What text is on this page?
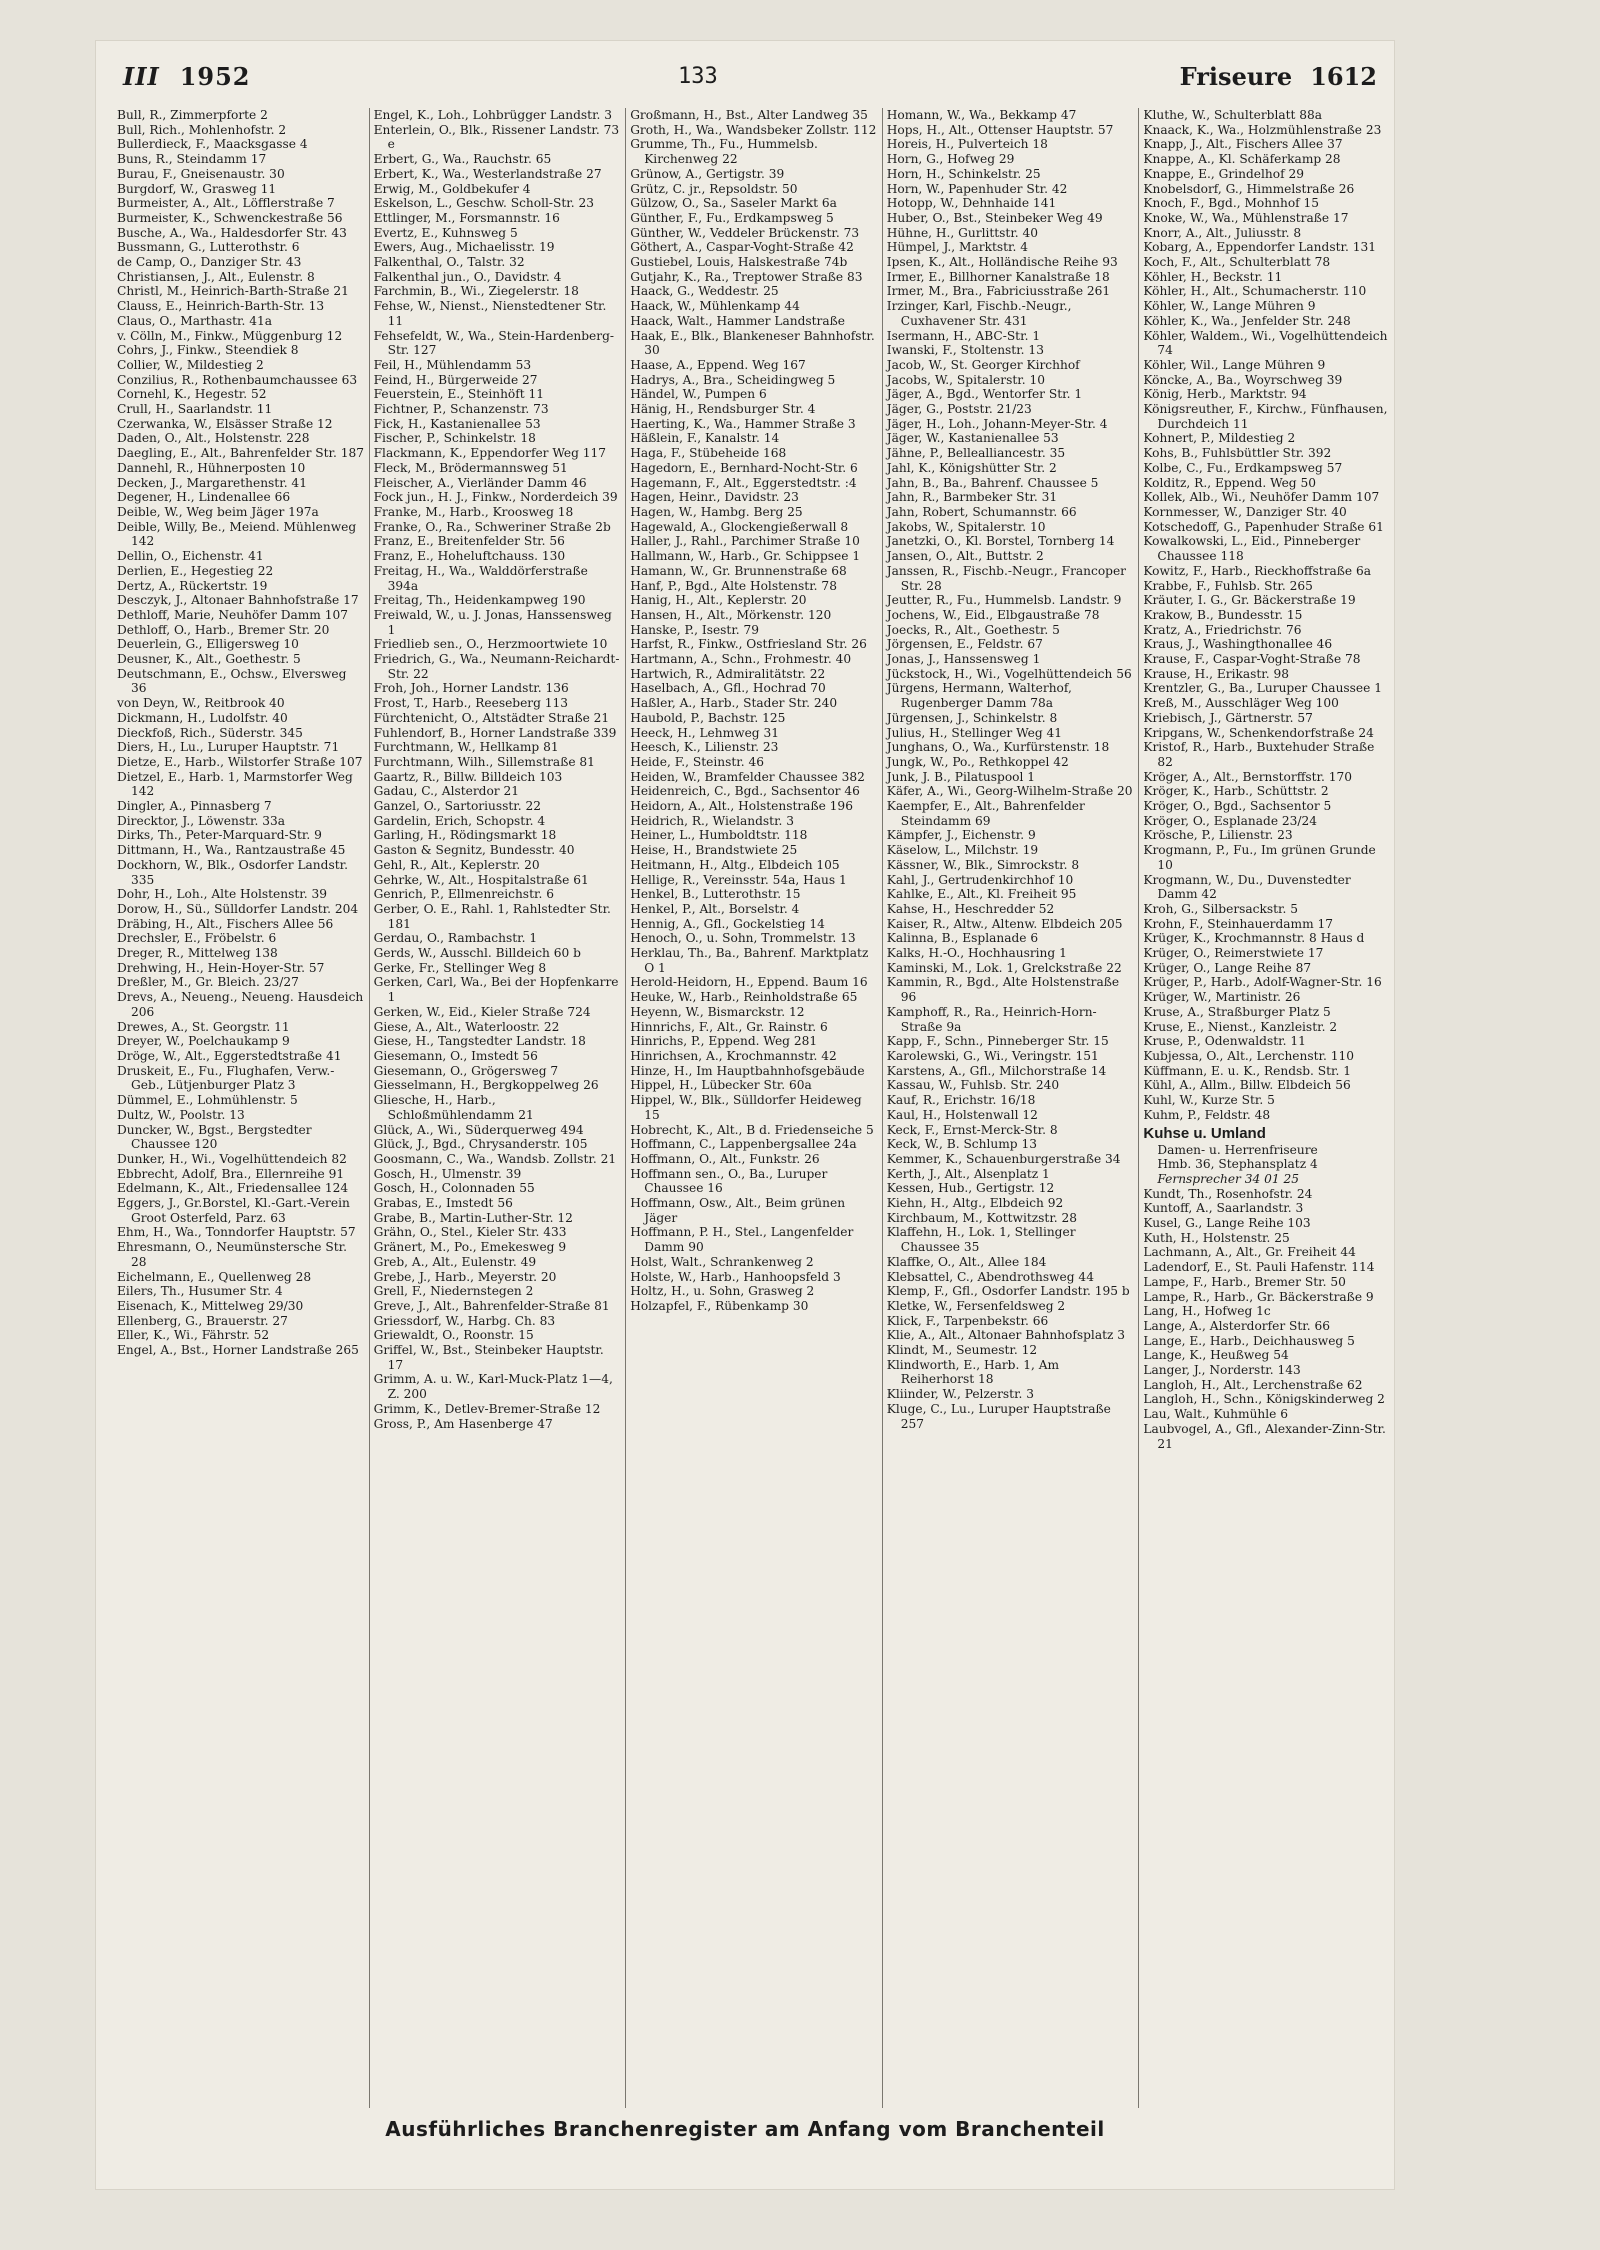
III 1952	133	Friseure 1612

Bull, R., Zimmerpforte 2

Bull, Rich., Mohlenhofstr. 2

Bullerdieck, F., Maacksgasse 4

Buns, R., Steindamm 17

Burau, F., Gneisenaustr. 30

Burgdorf, W., Grasweg 11

Burmeister, A., Alt., Löfflerstraße 7

Burmeister, K., Schwenckestraße 56

Busche, A., Wa., Haldesdorfer Str. 43

Bussmann, G., Lutterothstr. 6

de Camp, O., Danziger Str. 43

Christiansen, J., Alt., Eulenstr. 8

Christl, M., Heinrich-Barth-Straße 21

Clauss, E., Heinrich-Barth-Str. 13

Claus, O., Marthastr. 41a

v. Cölln, M., Finkw., Müggenburg 12

Cohrs, J., Finkw., Steendiek 8

Collier, W., Mildestieg 2

Conzilius, R., Rothenbaumchaussee 63

Cornehl, K., Hegestr. 52

Crull, H., Saarlandstr. 11

Czerwanka, W., Elsässer Straße 12

Daden, O., Alt., Holstenstr. 228

Daegling, E., Alt., Bahrenfelder Str. 187

Dannehl, R., Hühnerposten 10

Decken, J., Margarethenstr. 41

Degener, H., Lindenallee 66

Deible, W., Weg beim Jäger 197a

Deible, Willy, Be., Meiend. Mühlenweg 142

Dellin, O., Eichenstr. 41

Derlien, E., Hegestieg 22

Dertz, A., Rückertstr. 19

Desczyk, J., Altonaer Bahnhofstraße 17

Dethloff, Marie, Neuhöfer Damm 107

Dethloff, O., Harb., Bremer Str. 20

Deuerlein, G., Elligersweg 10

Deusner, K., Alt., Goethestr. 5

Deutschmann, E., Ochsw., Elversweg 36

von Deyn, W., Reitbrook 40

Dickmann, H., Ludolfstr. 40

Dieckfoß, Rich., Süderstr. 345

Diers, H., Lu., Luruper Hauptstr. 71

Dietze, E., Harb., Wilstorfer Straße 107

Dietzel, E., Harb. 1, Marmstorfer Weg 142

Dingler, A., Pinnasberg 7

Direcktor, J., Löwenstr. 33a

Dirks, Th., Peter-Marquard-Str. 9

Dittmann, H., Wa., Rantzaustraße 45

Dockhorn, W., Blk., Osdorfer Landstr. 335

Dohr, H., Loh., Alte Holstenstr. 39

Dorow, H., Sü., Sülldorfer Landstr. 204

Dräbing, H., Alt., Fischers Allee 56

Drechsler, E., Fröbelstr. 6

Dreger, R., Mittelweg 138

Drehwing, H., Hein-Hoyer-Str. 57

Dreßler, M., Gr. Bleich. 23/27

Drevs, A., Neueng., Neueng. Hausdeich 206

Drewes, A., St. Georgstr. 11

Dreyer, W., Poelchaukamp 9

Dröge, W., Alt., Eggerstedtstraße 41

Druskeit, E., Fu., Flughafen, Verw.-Geb., Lütjenburger Platz 3

Dümmel, E., Lohmühlenstr. 5

Dultz, W., Poolstr. 13

Duncker, W., Bgst., Bergstedter Chaussee 120

Dunker, H., Wi., Vogelhüttendeich 82

Ebbrecht, Adolf, Bra., Ellernreihe 91

Edelmann, K., Alt., Friedensallee 124

Eggers, J., Gr.Borstel, Kl.-Gart.-Verein Groot Osterfeld, Parz. 63

Ehm, H., Wa., Tonndorfer Hauptstr. 57

Ehresmann, O., Neumünstersche Str. 28

Eichelmann, E., Quellenweg 28

Eilers, Th., Husumer Str. 4

Eisenach, K., Mittelweg 29/30

Ellenberg, G., Brauerstr. 27

Eller, K., Wi., Fährstr. 52

Engel, A., Bst., Horner Landstraße 265

Engel, K., Loh., Lohbrügger Landstr. 3

Enterlein, O., Blk., Rissener Landstr. 73 e

Erbert, G., Wa., Rauchstr. 65

Erbert, K., Wa., Westerlandstraße 27

Erwig, M., Goldbekufer 4

Eskelson, L., Geschw. Scholl-Str. 23

Ettlinger, M., Forsmannstr. 16

Evertz, E., Kuhnsweg 5

Ewers, Aug., Michaelisstr. 19

Falkenthal, O., Talstr. 32

Falkenthal jun., O., Davidstr. 4

Farchmin, B., Wi., Ziegelerstr. 18

Fehse, W., Nienst., Nienstedtener Str. 11

Fehsefeldt, W., Wa., Stein-Hardenberg-Str. 127

Feil, H., Mühlendamm 53

Feind, H., Bürgerweide 27

Feuerstein, E., Steinhöft 11

Fichtner, P., Schanzenstr. 73

Fick, H., Kastanienallee 53

Fischer, P., Schinkelstr. 18

Flackmann, K., Eppendorfer Weg 117

Fleck, M., Brödermannsweg 51

Fleischer, A., Vierländer Damm 46

Fock jun., H. J., Finkw., Norderdeich 39

Franke, M., Harb., Kroosweg 18

Franke, O., Ra., Schweriner Straße 2b

Franz, E., Breitenfelder Str. 56

Franz, E., Hoheluftchauss. 130

Freitag, H., Wa., Walddörferstraße 394a

Freitag, Th., Heidenkampweg 190

Freiwald, W., u. J. Jonas, Hanssensweg 1

Friedlieb sen., O., Herzmoortwiete 10

Friedrich, G., Wa., Neumann-Reichardt-Str. 22

Froh, Joh., Horner Landstr. 136

Frost, T., Harb., Reeseberg 113

Fürchtenicht, O., Altstädter Straße 21

Fuhlendorf, B., Horner Landstraße 339

Furchtmann, W., Hellkamp 81

Furchtmann, Wilh., Sillemstraße 81

Gaartz, R., Billw. Billdeich 103

Gadau, C., Alsterdor 21

Ganzel, O., Sartoriusstr. 22

Gardelin, Erich, Schopstr. 4

Garling, H., Rödingsmarkt 18

Gaston & Segnitz, Bundesstr. 40

Gehl, R., Alt., Keplerstr. 20

Gehrke, W., Alt., Hospitalstraße 61

Genrich, P., Ellmenreichstr. 6

Gerber, O. E., Rahl. 1, Rahlstedter Str. 181

Gerdau, O., Rambachstr. 1

Gerds, W., Ausschl. Billdeich 60 b

Gerke, Fr., Stellinger Weg 8

Gerken, Carl, Wa., Bei der Hopfenkarre 1

Gerken, W., Eid., Kieler Straße 724

Giese, A., Alt., Waterloostr. 22

Giese, H., Tangstedter Landstr. 18

Giesemann, O., Imstedt 56

Giesemann, O., Grögersweg 7

Giesselmann, H., Bergkoppelweg 26

Gliesche, H., Harb., Schloßmühlendamm 21

Glück, A., Wi., Süderquerweg 494

Glück, J., Bgd., Chrysanderstr. 105

Goosmann, C., Wa., Wandsb. Zollstr. 21

Gosch, H., Ulmenstr. 39

Gosch, H., Colonnaden 55

Grabas, E., Imstedt 56

Grabe, B., Martin-Luther-Str. 12

Grähn, O., Stel., Kieler Str. 433

Gränert, M., Po., Emekesweg 9

Greb, A., Alt., Eulenstr. 49

Grebe, J., Harb., Meyerstr. 20

Grell, F., Niedernstegen 2

Greve, J., Alt., Bahrenfelder-Straße 81

Griessdorf, W., Harbg. Ch. 83

Griewaldt, O., Roonstr. 15

Griffel, W., Bst., Steinbeker Hauptstr. 17

Grimm, A. u. W., Karl-Muck-Platz 1—4, Z. 200

Grimm, K., Detlev-Bremer-Straße 12

Gross, P., Am Hasenberge 47

Großmann, H., Bst., Alter Landweg 35

Groth, H., Wa., Wandsbeker Zollstr. 112

Grumme, Th., Fu., Hummelsb. Kirchenweg 22

Grünow, A., Gertigstr. 39

Grütz, C. jr., Repsoldstr. 50

Gülzow, O., Sa., Saseler Markt 6a

Günther, F., Fu., Erdkampsweg 5

Günther, W., Veddeler Brückenstr. 73

Göthert, A., Caspar-Voght-Straße 42

Gustiebel, Louis, Halskestraße 74b

Gutjahr, K., Ra., Treptower Straße 83

Haack, G., Weddestr. 25

Haack, W., Mühlenkamp 44

Haack, Walt., Hammer Landstraße

Haak, E., Blk., Blankeneser Bahnhofstr. 30

Haase, A., Eppend. Weg 167

Hadrys, A., Bra., Scheidingweg 5

Händel, W., Pumpen 6

Hänig, H., Rendsburger Str. 4

Haerting, K., Wa., Hammer Straße 3

Häßlein, F., Kanalstr. 14

Haga, F., Stübeheide 168

Hagedorn, E., Bernhard-Nocht-Str. 6

Hagemann, F., Alt., Eggerstedtstr. :4

Hagen, Heinr., Davidstr. 23

Hagen, W., Hambg. Berg 25

Hagewald, A., Glockengießerwall 8

Haller, J., Rahl., Parchimer Straße 10

Hallmann, W., Harb., Gr. Schippsee 1

Hamann, W., Gr. Brunnenstraße 68

Hanf, P., Bgd., Alte Holstenstr. 78

Hanig, H., Alt., Keplerstr. 20

Hansen, H., Alt., Mörkenstr. 120

Hanske, P., Isestr. 79

Harfst, R., Finkw., Ostfriesland Str. 26

Hartmann, A., Schn., Frohmestr. 40

Hartwich, R., Admiralitätstr. 22

Haselbach, A., Gfl., Hochrad 70

Haßler, A., Harb., Stader Str. 240

Haubold, P., Bachstr. 125

Heeck, H., Lehmweg 31

Heesch, K., Lilienstr. 23

Heide, F., Steinstr. 46

Heiden, W., Bramfelder Chaussee 382

Heidenreich, C., Bgd., Sachsentor 46

Heidorn, A., Alt., Holstenstraße 196

Heidrich, R., Wielandstr. 3

Heiner, L., Humboldtstr. 118

Heise, H., Brandstwiete 25

Heitmann, H., Altg., Elbdeich 105

Hellige, R., Vereinsstr. 54a, Haus 1

Henkel, B., Lutterothstr. 15

Henkel, P., Alt., Borselstr. 4

Hennig, A., Gfl., Gockelstieg 14

Henoch, O., u. Sohn, Trommelstr. 13

Herklau, Th., Ba., Bahrenf. Marktplatz O 1

Herold-Heidorn, H., Eppend. Baum 16

Heuke, W., Harb., Reinholdstraße 65

Heyenn, W., Bismarckstr. 12

Hinnrichs, F., Alt., Gr. Rainstr. 6

Hinrichs, P., Eppend. Weg 281

Hinrichsen, A., Krochmannstr. 42

Hinze, H., Im Hauptbahnhofsgebäude

Hippel, H., Lübecker Str. 60a

Hippel, W., Blk., Sülldorfer Heideweg 15

Hobrecht, K., Alt., B d. Friedenseiche 5

Hoffmann, C., Lappenbergsallee 24a

Hoffmann, O., Alt., Funkstr. 26

Hoffmann sen., O., Ba., Luruper Chaussee 16

Hoffmann, Osw., Alt., Beim grünen Jäger

Hoffmann, P. H., Stel., Langenfelder Damm 90

Holst, Walt., Schrankenweg 2

Holste, W., Harb., Hanhoopsfeld 3

Holtz, H., u. Sohn, Grasweg 2

Holzapfel, F., Rübenkamp 30

Homann, W., Wa., Bekkamp 47

Hops, H., Alt., Ottenser Hauptstr. 57

Horeis, H., Pulverteich 18

Horn, G., Hofweg 29

Horn, H., Schinkelstr. 25

Horn, W., Papenhuder Str. 42

Hotopp, W., Dehnhaide 141

Huber, O., Bst., Steinbeker Weg 49

Hühne, H., Gurlittstr. 40

Hümpel, J., Marktstr. 4

Ipsen, K., Alt., Holländische Reihe 93

Irmer, E., Billhorner Kanalstraße 18

Irmer, M., Bra., Fabriciusstraße 261

Irzinger, Karl, Fischb.-Neugr., Cuxhavener Str. 431

Isermann, H., ABC-Str. 1

Iwanski, F., Stoltenstr. 13

Jacob, W., St. Georger Kirchhof

Jacobs, W., Spitalerstr. 10

Jäger, A., Bgd., Wentorfer Str. 1

Jäger, G., Poststr. 21/23

Jäger, H., Loh., Johann-Meyer-Str. 4

Jäger, W., Kastanienallee 53

Jähne, P., Bellealliancestr. 35

Jahl, K., Königshütter Str. 2

Jahn, B., Ba., Bahrenf. Chaussee 5

Jahn, R., Barmbeker Str. 31

Jahn, Robert, Schumannstr. 66

Jakobs, W., Spitalerstr. 10

Janetzki, O., Kl. Borstel, Tornberg 14

Jansen, O., Alt., Buttstr. 2

Janssen, R., Fischb.-Neugr., Francoper Str. 28

Jeutter, R., Fu., Hummelsb. Landstr. 9

Jochens, W., Eid., Elbgaustraße 78

Joecks, R., Alt., Goethestr. 5

Jörgensen, E., Feldstr. 67

Jonas, J., Hanssensweg 1

Jückstock, H., Wi., Vogelhüttendeich 56

Jürgens, Hermann, Walterhof, Rugenberger Damm 78a

Jürgensen, J., Schinkelstr. 8

Julius, H., Stellinger Weg 41

Junghans, O., Wa., Kurfürstenstr. 18

Jungk, W., Po., Rethkoppel 42

Junk, J. B., Pilatuspool 1

Käfer, A., Wi., Georg-Wilhelm-Straße 20

Kaempfer, E., Alt., Bahrenfelder Steindamm 69

Kämpfer, J., Eichenstr. 9

Käselow, L., Milchstr. 19

Kässner, W., Blk., Simrockstr. 8

Kahl, J., Gertrudenkirchhof 10

Kahlke, E., Alt., Kl. Freiheit 95

Kahse, H., Heschredder 52

Kaiser, R., Altw., Altenw. Elbdeich 205

Kalinna, B., Esplanade 6

Kalks, H.-O., Hochhausring 1

Kaminski, M., Lok. 1, Grelckstraße 22

Kammin, R., Bgd., Alte Holstenstraße 96

Kamphoff, R., Ra., Heinrich-Horn-Straße 9a

Kapp, F., Schn., Pinneberger Str. 15

Karolewski, G., Wi., Veringstr. 151

Karstens, A., Gfl., Milchorstraße 14

Kassau, W., Fuhlsb. Str. 240

Kauf, R., Erichstr. 16/18

Kaul, H., Holstenwall 12

Keck, F., Ernst-Merck-Str. 8

Keck, W., B. Schlump 13

Kemmer, K., Schauenburgerstraße 34

Kerth, J., Alt., Alsenplatz 1

Kessen, Hub., Gertigstr. 12

Kiehn, H., Altg., Elbdeich 92

Kirchbaum, M., Kottwitzstr. 28

Klaffehn, H., Lok. 1, Stellinger Chaussee 35

Klaffke, O., Alt., Allee 184

Klebsattel, C., Abendrothsweg 44

Klemp, F., Gfl., Osdorfer Landstr. 195 b

Kletke, W., Fersenfeldsweg 2

Klick, F., Tarpenbekstr. 66

Klie, A., Alt., Altonaer Bahnhofsplatz 3

Klindt, M., Seumestr. 12

Klindworth, E., Harb. 1, Am Reiherhorst 18

Kliinder, W., Pelzerstr. 3

Kluge, C., Lu., Luruper Hauptstraße 257

Kluthe, W., Schulterblatt 88a

Knaack, K., Wa., Holzmühlenstraße 23

Knapp, J., Alt., Fischers Allee 37

Knappe, A., Kl. Schäferkamp 28

Knappe, E., Grindelhof 29

Knobelsdorf, G., Himmelstraße 26

Knoch, F., Bgd., Mohnhof 15

Knoke, W., Wa., Mühlenstraße 17

Knorr, A., Alt., Juliusstr. 8

Kobarg, A., Eppendorfer Landstr. 131

Koch, F., Alt., Schulterblatt 78

Köhler, H., Beckstr. 11

Köhler, H., Alt., Schumacherstr. 110

Köhler, W., Lange Mühren 9

Köhler, K., Wa., Jenfelder Str. 248

Köhler, Waldem., Wi., Vogelhüttendeich 74

Köhler, Wil., Lange Mühren 9

Köncke, A., Ba., Woyrschweg 39

König, Herb., Marktstr. 94

Königsreuther, F., Kirchw., Fünfhausen, Durchdeich 11

Kohnert, P., Mildestieg 2

Kohs, B., Fuhlsbüttler Str. 392

Kolbe, C., Fu., Erdkampsweg 57

Kolditz, R., Eppend. Weg 50

Kollek, Alb., Wi., Neuhöfer Damm 107

Kornmesser, W., Danziger Str. 40

Kotschedoff, G., Papenhuder Straße 61

Kowalkowski, L., Eid., Pinneberger Chaussee 118

Kowitz, F., Harb., Rieckhoffstraße 6a

Krabbe, F., Fuhlsb. Str. 265

Kräuter, I. G., Gr. Bäckerstraße 19

Krakow, B., Bundesstr. 15

Kratz, A., Friedrichstr. 76

Kraus, J., Washingthonallee 46

Krause, F., Caspar-Voght-Straße 78

Krause, H., Erikastr. 98

Krentzler, G., Ba., Luruper Chaussee 1

Kreß, M., Ausschläger Weg 100

Kriebisch, J., Gärtnerstr. 57

Kripgans, W., Schenkendorfstraße 24

Kristof, R., Harb., Buxtehuder Straße 82

Kröger, A., Alt., Bernstorffstr. 170

Kröger, K., Harb., Schüttstr. 2

Kröger, O., Bgd., Sachsentor 5

Kröger, O., Esplanade 23/24

Krösche, P., Lilienstr. 23

Krogmann, P., Fu., Im grünen Grunde 10

Krogmann, W., Du., Duvenstedter Damm 42

Kroh, G., Silbersackstr. 5

Krohn, F., Steinhauerdamm 17

Krüger, K., Krochmannstr. 8 Haus d

Krüger, O., Reimerstwiete 17

Krüger, O., Lange Reihe 87

Krüger, P., Harb., Adolf-Wagner-Str. 16

Krüger, W., Martinistr. 26

Kruse, A., Straßburger Platz 5

Kruse, E., Nienst., Kanzleistr. 2

Kruse, P., Odenwaldstr. 11

Kubjessa, O., Alt., Lerchenstr. 110

Küffmann, E. u. K., Rendsb. Str. 1

Kühl, A., Allm., Billw. Elbdeich 56

Kuhl, W., Kurze Str. 5

Kuhm, P., Feldstr. 48

Kuhse u. Umland

Damen- u. Herrenfriseure

Hmb. 36, Stephansplatz 4

Fernsprecher 34 01 25

Kundt, Th., Rosenhofstr. 24

Kuntoff, A., Saarlandstr. 3

Kusel, G., Lange Reihe 103

Kuth, H., Holstenstr. 25

Lachmann, A., Alt., Gr. Freiheit 44

Ladendorf, E., St. Pauli Hafenstr. 114

Lampe, F., Harb., Bremer Str. 50

Lampe, R., Harb., Gr. Bäckerstraße 9

Lang, H., Hofweg 1c

Lange, A., Alsterdorfer Str. 66

Lange, E., Harb., Deichhausweg 5

Lange, K., Heußweg 54

Langer, J., Norderstr. 143

Langloh, H., Alt., Lerchenstraße 62

Langloh, H., Schn., Königskinderweg 2

Lau, Walt., Kuhmühle 6

Laubvogel, A., Gfl., Alexander-Zinn-Str. 21

Ausführliches Branchenregister am Anfang vom Branchenteil
